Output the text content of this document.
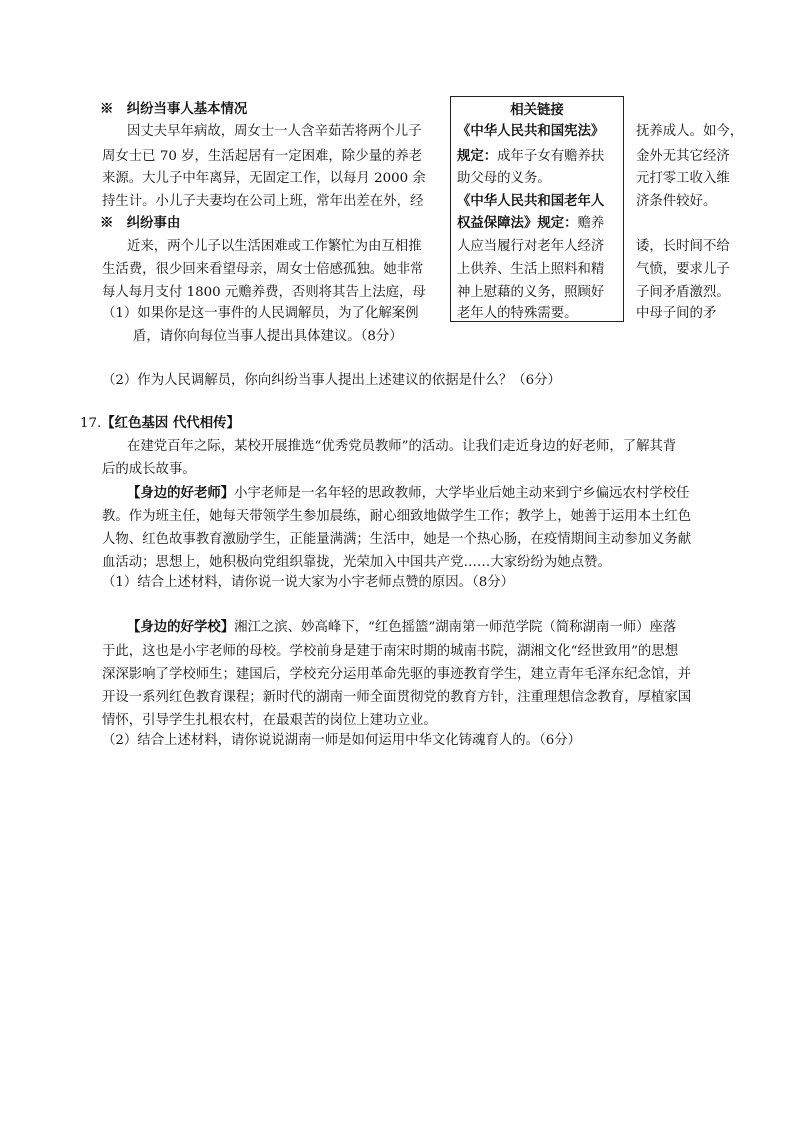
※　纠纷当事人基本情况
因丈夫早年病故，周女士一人含辛茹苦将两个儿子
周女士已 70 岁，生活起居有一定困难，除少量的养老
来源。大儿子中年离异，无固定工作，以每月 2000 余
持生计。小儿子夫妻均在公司上班，常年出差在外，经
※　纠纷事由
近来，两个儿子以生活困难或工作繁忙为由互相推
生活费，很少回来看望母亲，周女士倍感孤独。她非常
每人每月支付 1800 元赡养费，否则将其告上法庭，母
（1）如果你是这一事件的人民调解员，为了化解案例
盾，请你向每位当事人提出具体建议。（8分）
相关链接
《中华人民共和国宪法》
规定：成年子女有赡养扶
助父母的义务。
《中华人民共和国老年人
权益保障法》规定：赡养
人应当履行对老年人经济
上供养、生活上照料和精
神上慰藉的义务，照顾好
老年人的特殊需要。
抚养成人。如今，
金外无其它经济
元打零工收入维
济条件较好。
诿，长时间不给
气愤，要求儿子
子间矛盾激烈。
中母子间的矛
（2）作为人民调解员，你向纠纷当事人提出上述建议的依据是什么？（6分）
17.【红色基因 代代相传】
在建党百年之际，某校开展推选“优秀党员教师”的活动。让我们走近身边的好老师，了解其背
后的成长故事。
【身边的好老师】小宇老师是一名年轻的思政教师，大学毕业后她主动来到宁乡偏远农村学校任
教。作为班主任，她每天带领学生参加晨练，耐心细致地做学生工作；教学上，她善于运用本土红色
人物、红色故事教育激励学生，正能量满满；生活中，她是一个热心肠，在疫情期间主动参加义务献
血活动；思想上，她积极向党组织靠拢，光荣加入中国共产党……大家纷纷为她点赞。
（1）结合上述材料，请你说一说大家为小宇老师点赞的原因。（8分）
【身边的好学校】湘江之滨、妙高峰下，“红色摇篮”湖南第一师范学院（简称湖南一师）座落
于此，这也是小宇老师的母校。学校前身是建于南宋时期的城南书院，湖湘文化“经世致用”的思想
深深影响了学校师生；建国后，学校充分运用革命先驱的事迹教育学生，建立青年毛泽东纪念馆，并
开设一系列红色教育课程；新时代的湖南一师全面贯彻党的教育方针，注重理想信念教育，厚植家国
情怀，引导学生扎根农村，在最艰苦的岗位上建功立业。
（2）结合上述材料，请你说说湖南一师是如何运用中华文化铸魂育人的。（6分）
